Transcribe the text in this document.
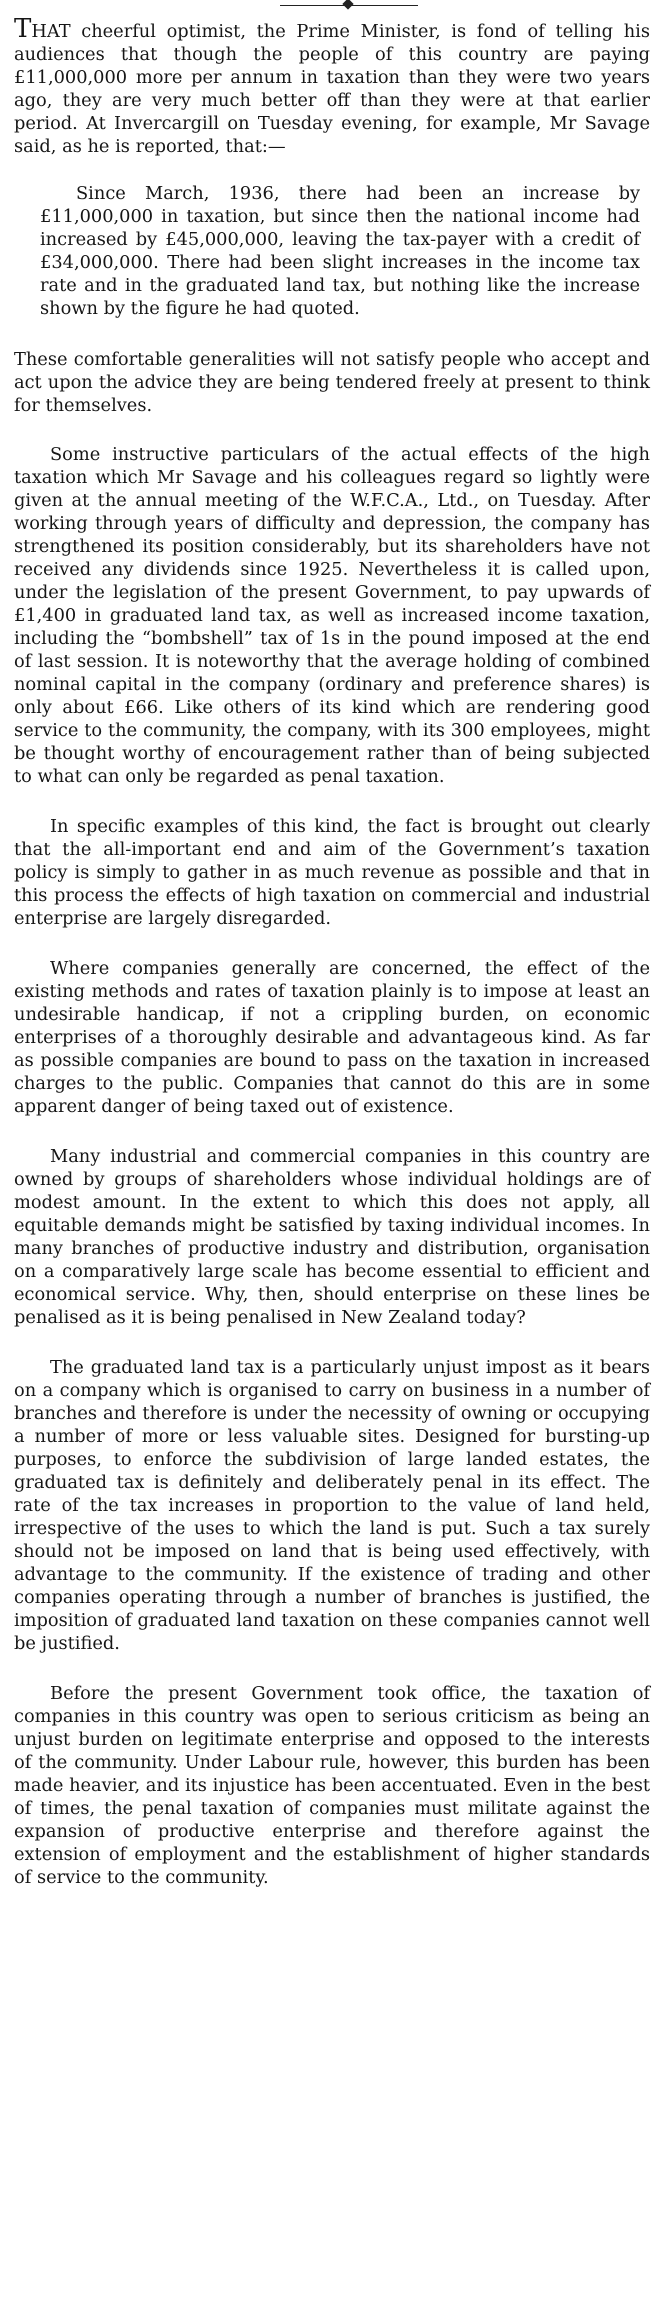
THAT cheerful optimist, the Prime Minister, is fond of telling his audiences that though the people of this country are paying £11,000,000 more per annum in taxation than they were two years ago, they are very much better off than they were at that earlier period. At Invercargill on Tuesday evening, for example, Mr Savage said, as he is reported, that:—

Since March, 1936, there had been an increase by £11,000,000 in taxation, but since then the national income had increased by £45,000,000, leaving the tax-payer with a credit of £34,000,000. There had been slight increases in the income tax rate and in the graduated land tax, but nothing like the increase shown by the figure he had quoted.

These comfortable generalities will not satisfy people who accept and act upon the advice they are being tendered freely at present to think for themselves.

Some instructive particulars of the actual effects of the high taxation which Mr Savage and his colleagues regard so lightly were given at the annual meeting of the W.F.C.A., Ltd., on Tuesday. After working through years of difficulty and depression, the company has strengthened its position considerably, but its shareholders have not received any dividends since 1925. Nevertheless it is called upon, under the legislation of the present Government, to pay upwards of £1,400 in graduated land tax, as well as increased income taxation, including the “bombshell” tax of 1s in the pound imposed at the end of last session. It is noteworthy that the average holding of combined nominal capital in the company (ordinary and preference shares) is only about £66. Like others of its kind which are rendering good service to the community, the company, with its 300 employees, might be thought worthy of encouragement rather than of being subjected to what can only be regarded as penal taxation.

In specific examples of this kind, the fact is brought out clearly that the all-important end and aim of the Government’s taxation policy is simply to gather in as much revenue as possible and that in this process the effects of high taxation on commercial and industrial enterprise are largely disregarded.

Where companies generally are concerned, the effect of the existing methods and rates of taxation plainly is to impose at least an undesirable handicap, if not a crippling burden, on economic enterprises of a thoroughly desirable and advantageous kind. As far as possible companies are bound to pass on the taxation in increased charges to the public. Companies that cannot do this are in some apparent danger of being taxed out of existence.

Many industrial and commercial companies in this country are owned by groups of shareholders whose individual holdings are of modest amount. In the extent to which this does not apply, all equitable demands might be satisfied by taxing individual incomes. In many branches of productive industry and distribution, organisation on a comparatively large scale has become essential to efficient and economical service. Why, then, should enterprise on these lines be penalised as it is being penalised in New Zealand today?

The graduated land tax is a particularly unjust impost as it bears on a company which is organised to carry on business in a number of branches and therefore is under the necessity of owning or occupying a number of more or less valuable sites. Designed for bursting-up purposes, to enforce the subdivision of large landed estates, the graduated tax is definitely and deliberately penal in its effect. The rate of the tax increases in proportion to the value of land held, irrespective of the uses to which the land is put. Such a tax surely should not be imposed on land that is being used effectively, with advantage to the community. If the existence of trading and other companies operating through a number of branches is justified, the imposition of graduated land taxation on these companies cannot well be justified.

Before the present Government took office, the taxation of companies in this country was open to serious criticism as being an unjust burden on legitimate enterprise and opposed to the interests of the community. Under Labour rule, however, this burden has been made heavier, and its injustice has been accentuated. Even in the best of times, the penal taxation of companies must militate against the expansion of productive enterprise and therefore against the extension of employment and the establishment of higher standards of service to the community.
